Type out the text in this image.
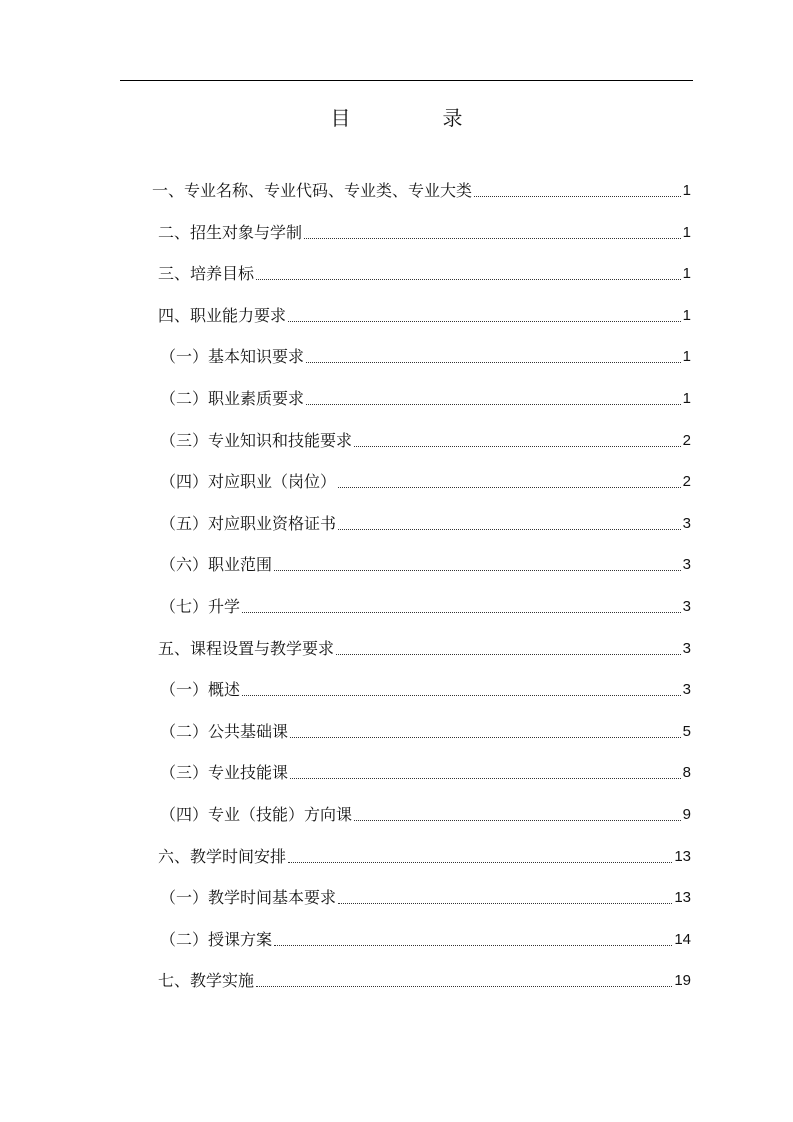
目　录
一、专业名称、专业代码、专业类、专业大类	1
二、招生对象与学制	1
三、培养目标	1
四、职业能力要求	1
（一）基本知识要求	1
（二）职业素质要求	1
（三）专业知识和技能要求	2
（四）对应职业（岗位）	2
（五）对应职业资格证书	3
（六）职业范围	3
（七）升学	3
五、课程设置与教学要求	3
（一）概述	3
（二）公共基础课	5
（三）专业技能课	8
（四）专业（技能）方向课	9
六、教学时间安排	13
（一）教学时间基本要求	13
（二）授课方案	14
七、教学实施	19
